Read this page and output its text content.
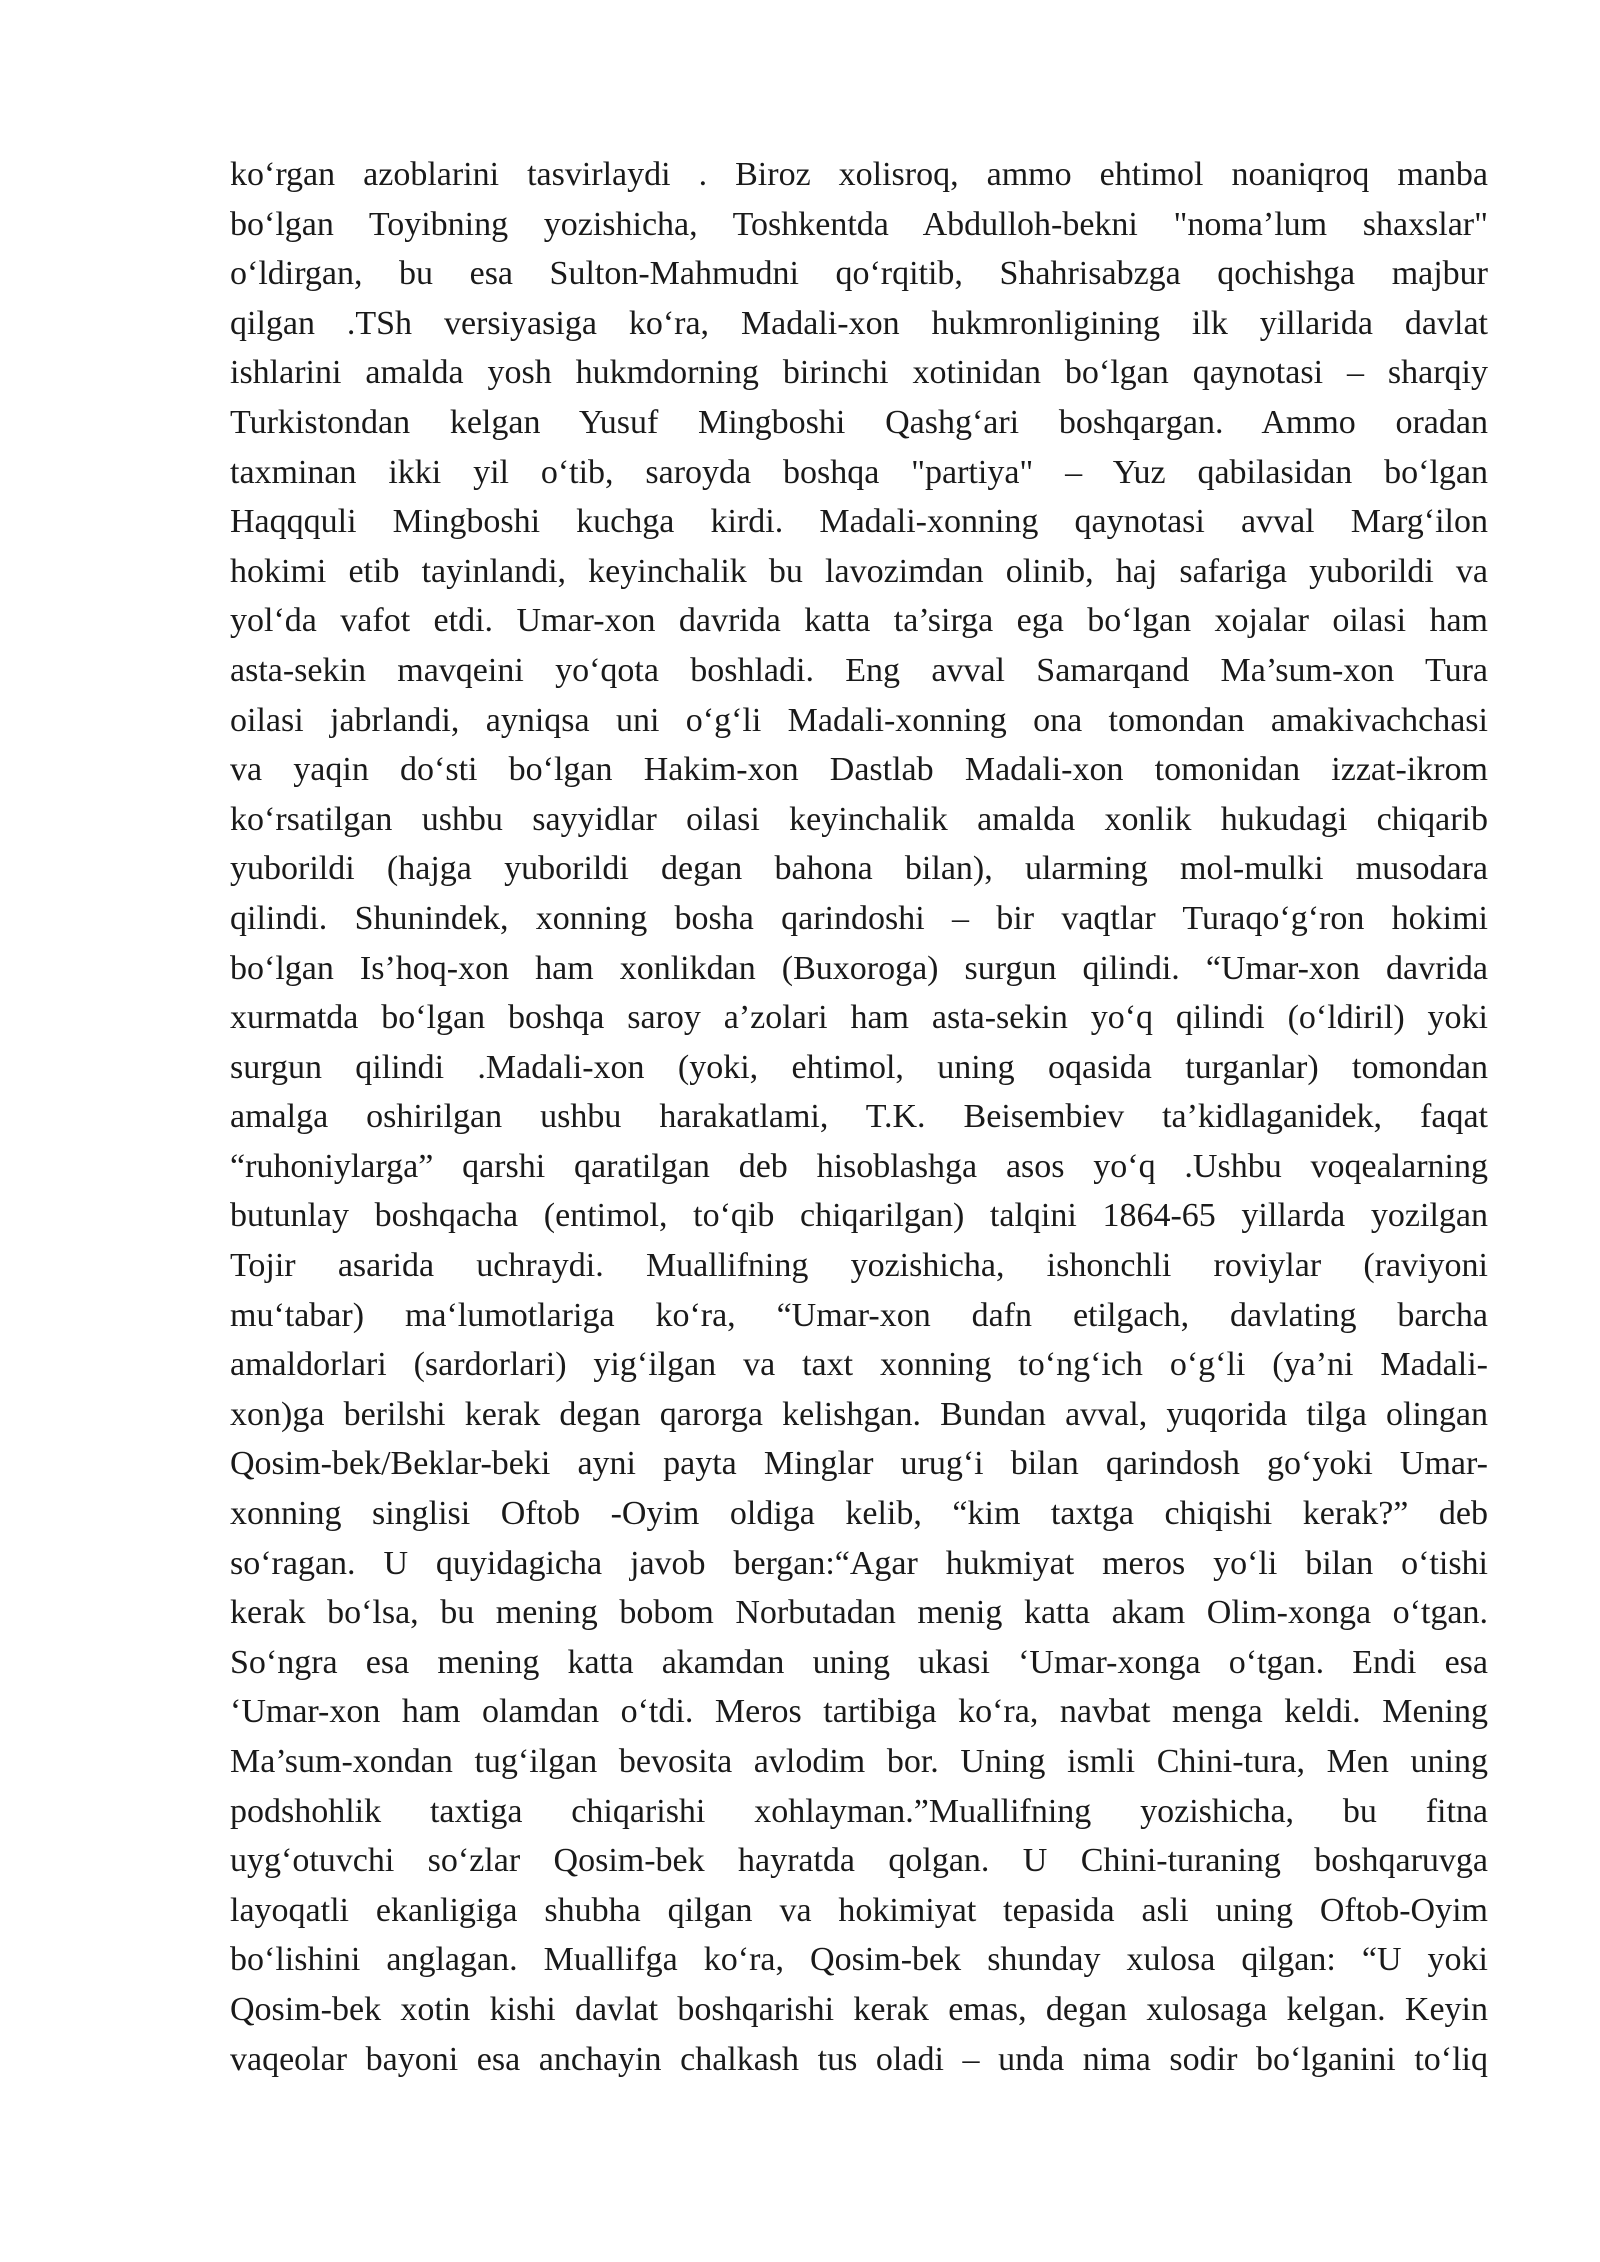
ko‘rgan azoblarini tasvirlaydi . Biroz xolisroq, ammo ehtimol noaniqroq manba
bo‘lgan Toyibning yozishicha, Toshkentda Abdulloh-bekni "noma’lum shaxslar"
o‘ldirgan, bu esa Sulton-Mahmudni qo‘rqitib, Shahrisabzga qochishga majbur
qilgan .TSh versiyasiga ko‘ra, Madali-xon hukmronligining ilk yillarida davlat
ishlarini amalda yosh hukmdorning birinchi xotinidan bo‘lgan qaynotasi – sharqiy
Turkistondan kelgan Yusuf Mingboshi Qashg‘ari boshqargan. Ammo oradan
taxminan ikki yil o‘tib, saroyda boshqa "partiya" – Yuz qabilasidan bo‘lgan
Haqqquli Mingboshi kuchga kirdi. Madali-xonning qaynotasi avval Marg‘ilon
hokimi etib tayinlandi, keyinchalik bu lavozimdan olinib, haj safariga yuborildi va
yol‘da vafot etdi. Umar-xon davrida katta ta’sirga ega bo‘lgan xojalar oilasi ham
asta-sekin mavqeini yo‘qota boshladi. Eng avval Samarqand Ma’sum-xon Tura
oilasi jabrlandi, ayniqsa uni o‘g‘li Madali-xonning ona tomondan amakivachchasi
va yaqin do‘sti bo‘lgan Hakim-xon Dastlab Madali-xon tomonidan izzat-ikrom
ko‘rsatilgan ushbu sayyidlar oilasi keyinchalik amalda xonlik hukudagi chiqarib
yuborildi (hajga yuborildi degan bahona bilan), ularming mol-mulki musodara
qilindi. Shunindek, xonning bosha qarindoshi – bir vaqtlar Turaqo‘g‘ron hokimi
bo‘lgan Is’hoq-xon ham xonlikdan (Buxoroga) surgun qilindi. “Umar-xon davrida
xurmatda bo‘lgan boshqa saroy a’zolari ham asta-sekin yo‘q qilindi (o‘ldiril) yoki
surgun qilindi .Madali-xon (yoki, ehtimol, uning oqasida turganlar) tomondan
amalga oshirilgan ushbu harakatlami, T.K. Beisembiev ta’kidlaganidek, faqat
“ruhoniylarga” qarshi qaratilgan deb hisoblashga asos yo‘q .Ushbu voqealarning
butunlay boshqacha (entimol, to‘qib chiqarilgan) talqini 1864-65 yillarda yozilgan
Tojir asarida uchraydi. Muallifning yozishicha, ishonchli roviylar (raviyoni
mu‘tabar) ma‘lumotlariga ko‘ra, “Umar-xon dafn etilgach, davlating barcha
amaldorlari (sardorlari) yig‘ilgan va taxt xonning to‘ng‘ich o‘g‘li (ya’ni Madali-
xon)ga berilshi kerak degan qarorga kelishgan. Bundan avval, yuqorida tilga olingan
Qosim-bek/Beklar-beki ayni payta Minglar urug‘i bilan qarindosh go‘yoki Umar-
xonning singlisi Oftob -Oyim oldiga kelib, “kim taxtga chiqishi kerak?” deb
so‘ragan. U quyidagicha javob bergan:“Agar hukmiyat meros yo‘li bilan o‘tishi
kerak bo‘lsa, bu mening bobom Norbutadan menig katta akam Olim-xonga o‘tgan.
So‘ngra esa mening katta akamdan uning ukasi ‘Umar-xonga o‘tgan. Endi esa
‘Umar-xon ham olamdan o‘tdi. Meros tartibiga ko‘ra, navbat menga keldi. Mening
Ma’sum-xondan tug‘ilgan bevosita avlodim bor. Uning ismli Chini-tura, Men uning
podshohlik taxtiga chiqarishi xohlayman.”Muallifning yozishicha, bu fitna
uyg‘otuvchi so‘zlar Qosim-bek hayratda qolgan. U Chini-turaning boshqaruvga
layoqatli ekanligiga shubha qilgan va hokimiyat tepasida asli uning Oftob-Oyim
bo‘lishini anglagan. Muallifga ko‘ra, Qosim-bek shunday xulosa qilgan: “U yoki
Qosim-bek xotin kishi davlat boshqarishi kerak emas, degan xulosaga kelgan. Keyin
vaqeolar bayoni esa anchayin chalkash tus oladi – unda nima sodir bo‘lganini to‘liq
